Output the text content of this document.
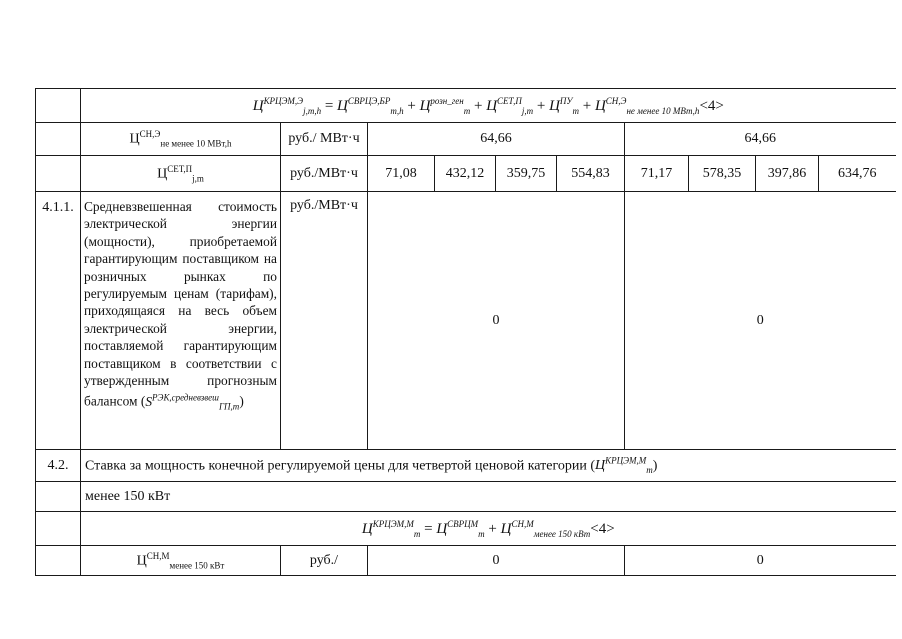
	$Ц^{КРЦЭМ,Э}_{j,m,h} = Ц^{СВРЦЭ,БР}_{m,h} + Ц^{розн\_ген}_m + Ц^{СЕТ,П}_{j,m} + Ц^{ПУ}_m + Ц^{СН,Э}_{не менее 10 МВт,h}<4>$									
	$Ц^{СН,Э}_{не менее 10 МВт,h}$	руб./ МВт·ч	64,66				64,66			
	$Ц^{СЕТ,П}_{j,m}$	руб./МВт·ч	71,08	432,12	359,75	554,83	71,17	578,35	397,86	634,76
4.1.1.	Средневзвешенная стоимость электрической энергии (мощности), приобретаемой гарантирующим поставщиком на розничных рынках по регулируемым ценам (тарифам), приходящаяся на весь объем электрической энергии, поставляемой гарантирующим поставщиком в соответствии с утвержденным прогнозным балансом $(S^{РЭК,средневзвеш}_{ГП,m})$	руб./МВт·ч	0				0			
4.2.	Ставка за мощность конечной регулируемой цены для четвертой ценовой категории $(Ц^{КРЦЭМ,М}_m)$									
	менее 150 кВт									
	$Ц^{КРЦЭМ,М}_m = Ц^{СВРЦМ}_m + Ц^{СН,М}_{менее 150 кВт}<4>$									
	$Ц^{СН,М}_{менее 150 кВт}$	руб./	0				0			
